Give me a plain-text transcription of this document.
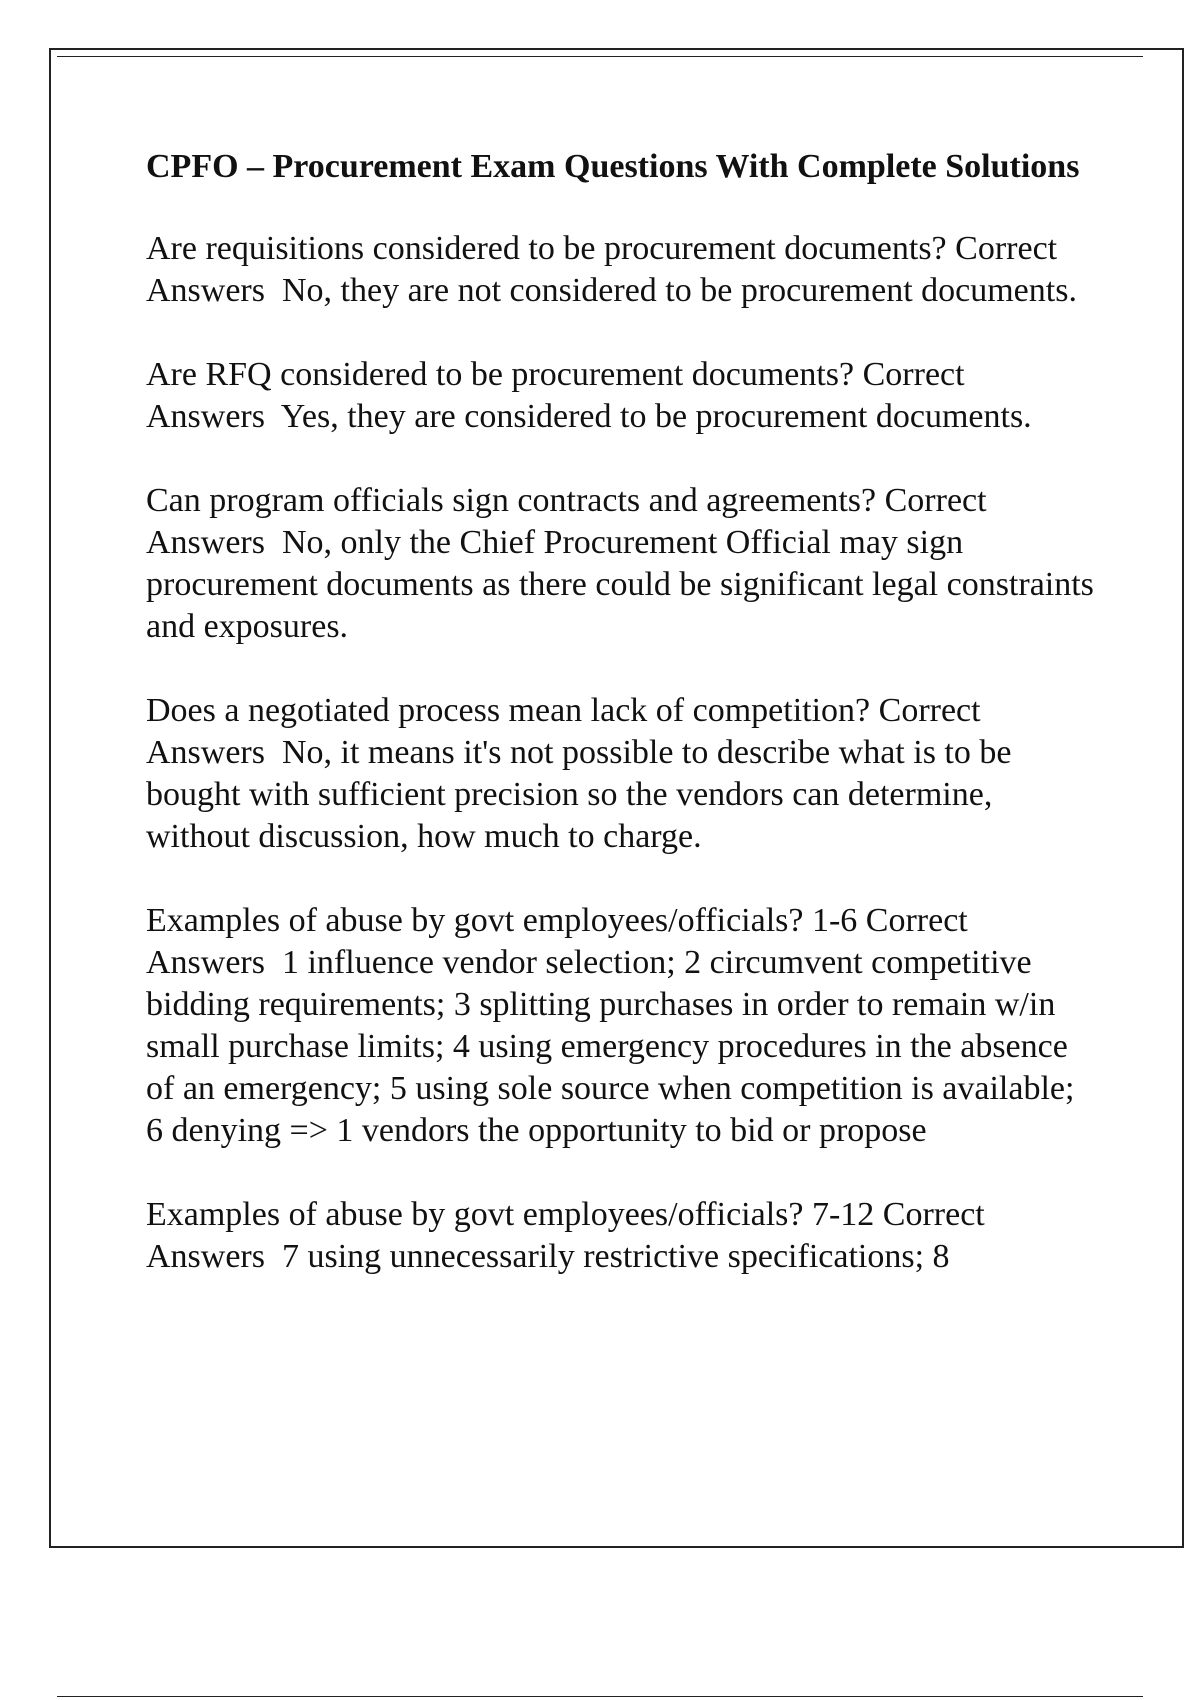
CPFO – Procurement Exam Questions With Complete Solutions
Are requisitions considered to be procurement documents? Correct Answers No, they are not considered to be procurement documents.
Are RFQ considered to be procurement documents? Correct Answers Yes, they are considered to be procurement documents.
Can program officials sign contracts and agreements? Correct Answers No, only the Chief Procurement Official may sign procurement documents as there could be significant legal constraints and exposures.
Does a negotiated process mean lack of competition? Correct Answers No, it means it's not possible to describe what is to be bought with sufficient precision so the vendors can determine, without discussion, how much to charge.
Examples of abuse by govt employees/officials? 1-6 Correct Answers 1 influence vendor selection; 2 circumvent competitive bidding requirements; 3 splitting purchases in order to remain w/in small purchase limits; 4 using emergency procedures in the absence of an emergency; 5 using sole source when competition is available; 6 denying => 1 vendors the opportunity to bid or propose
Examples of abuse by govt employees/officials? 7-12 Correct Answers 7 using unnecessarily restrictive specifications; 8
